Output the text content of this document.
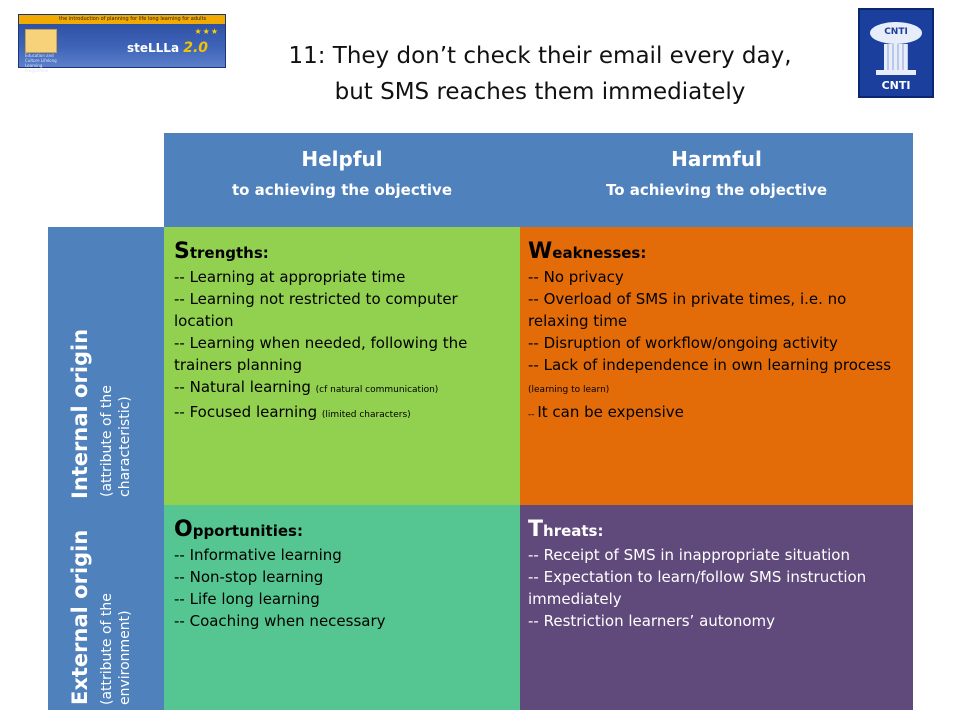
the introduction of planning for life long learning for adults
Education and Culture Lifelong Learning Programme
steLLLa 2.0
★★★	CNTI
CNTI
11: They don’t check their email every day,
but SMS reaches them immediately
Helpful
to achieving the objective
Harmful
To achieving the objective
Internal origin (attribute of the characteristic)
External origin (attribute of the environment)
Strengths:
-- Learning at appropriate time
-- Learning not restricted to computer location
-- Learning when needed, following the trainers planning
-- Natural learning (cf natural communication)
-- Focused learning (limited characters)
Weaknesses:
-- No privacy
-- Overload of SMS in private times, i.e. no relaxing time
-- Disruption of workflow/ongoing activity
-- Lack of independence in own learning process (learning to learn)
-- It can be expensive
Opportunities:
-- Informative learning
-- Non-stop learning
-- Life long learning
-- Coaching when necessary
Threats:
-- Receipt of SMS in inappropriate situation
-- Expectation to learn/follow SMS instruction immediately
-- Restriction learners’ autonomy
